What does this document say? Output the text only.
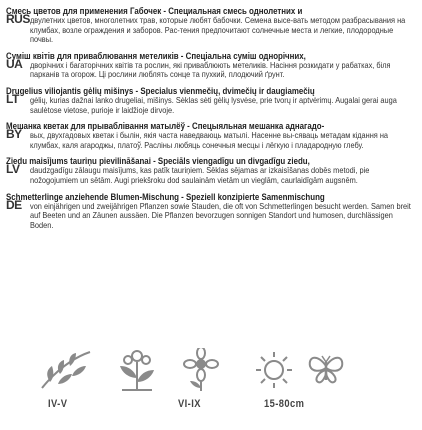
Смесь цветов для применения Габочек - Специальная смесь однолетних и
RUS двулетних цветов, многолетних трав, которые любят бабочки. Семена высе-вать методом разбрасывания на клумбах, возле ограждения и заборов. Рас-тения предпочитают солнечные места и легкие, плодородные почвы.
Суміш квітів для приваблювання метеликів - Спеціальна суміш однорічних,
UA дворічних і багаторічних квітів та рослин, які приваблюють метеликів. Насіння розкидати у рабатках, біля парканів та огорож. Ці рослини люблять сонце та пухкий, плодючий ґрунт.
Drugelius viliojantis gėlių mišinys - Specialus vienmečių, dvimečių ir daugiamečių
LT	gėlių, kurias dažnai lanko drugeliai, mišinys. Sėklas sėti gėlių lysvėse, prie tvorų ir aptvėrimų. Augalai gerai auga saulėtose vietose, purioje ir laidžioje dirvoje.
Мешанка кветак для прываблівання матылёў - Спецыяльная мешанка аднагадо-
BY вых, двухгадовых кветак і былін, якія часта наведваюць матылі. Насенне вы-сяваць метадам кідання на клумбах, каля агароджы, платоў. Расліны любяць сонечныя месцы і лёгкую і пладародную глебу.
Ziedu maisījums tauriņu pievilināšanai - Speciāls viengadīgu un divgadīgu ziedu,
LV	daudzgadīgu zālaugu maisījums, kas patīk tauriņiem. Sēklas sējamas ar izkaisīšanas dobēs metodi, pie nožogojumiem un sētām. Augi priekšroku dod saulainām vietām un vieglām, caurlaidīgām augsnēm.
Schmetterlinge anziehende Blumen-Mischung - Speziell konzipierte Samenmischung
DE von einjährigen und zweijährigen Pflanzen sowie Stauden, die oft von Schmetterlingen besucht werden. Samen breit auf Beeten und an Zäunen aussäen. Die Pflanzen bevorzugen sonnigen Standort und humosen, durchlässigen Boden.
IV-V	VI-IX	15-80cm
